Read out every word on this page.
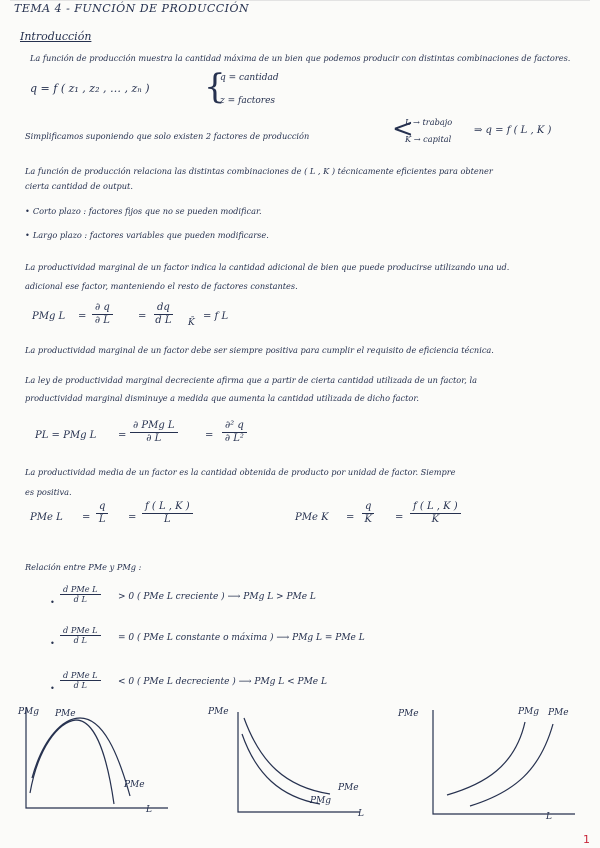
TEMA 4 - FUNCIÓN DE PRODUCCIÓN
Introducción
La función de producción muestra la cantidad máxima de un bien que podemos producir con distintas combinaciones de factores.
q = f ( z₁ , z₂ , … , zₙ ) {
q = cantidad
z = factores
Simplificamos suponiendo que solo existen 2 factores de producción	<
L → trabajo
K → capital
⇒ q = f ( L , K )
La función de producción relaciona las distintas combinaciones de ( L , K ) técnicamente eficientes para obtener
cierta cantidad de output.
• Corto plazo : factores fijos que no se pueden modificar.
• Largo plazo : factores variables que pueden modificarse.
La productividad marginal de un factor indica la cantidad adicional de bien que puede producirse utilizando una ud.
adicional ese factor, manteniendo el resto de factores constantes.
PMg $L = \frac{\partial q}{\partial L}$	= $\frac{dq}{\text{d L}}$ K̄
= f L
La productividad marginal de un factor debe ser siempre positiva para cumplir el requisito de eficiencia técnica.
La ley de productividad marginal decreciente afirma que a partir de cierta cantidad utilizada de un factor, la
productividad marginal disminuye a medida que aumenta la cantidad utilizada de dicho factor.
PL = PMg L =
∂ PMg L
∂ L	= $\frac{\text{∂² q}}{\text{∂ L²}}$
La productividad media de un factor es la cantidad obtenida de producto por unidad de factor. Siempre
es positiva.
PMe $L = \frac{q}{L} = \frac{f ( L , K )}{L}$	PMe $K = \frac{q}{K} = \frac{f ( L , K )}{K}$
Relación entre PMe y PMg :
•
d PMe L
d L	> 0 ( PMe L creciente ) ⟶ PMg L > PMe L
•
d PMe L
d L	= 0 ( PMe L constante o máxima ) ⟶ PMg L = PMe L
•
d PMe L
d L	< 0 ( PMe L decreciente ) ⟶ PMg L < PMe L
PMg PMe
PMe
L
PMe
PMe
PMg
L
PMe	PMg PMe
L
1
